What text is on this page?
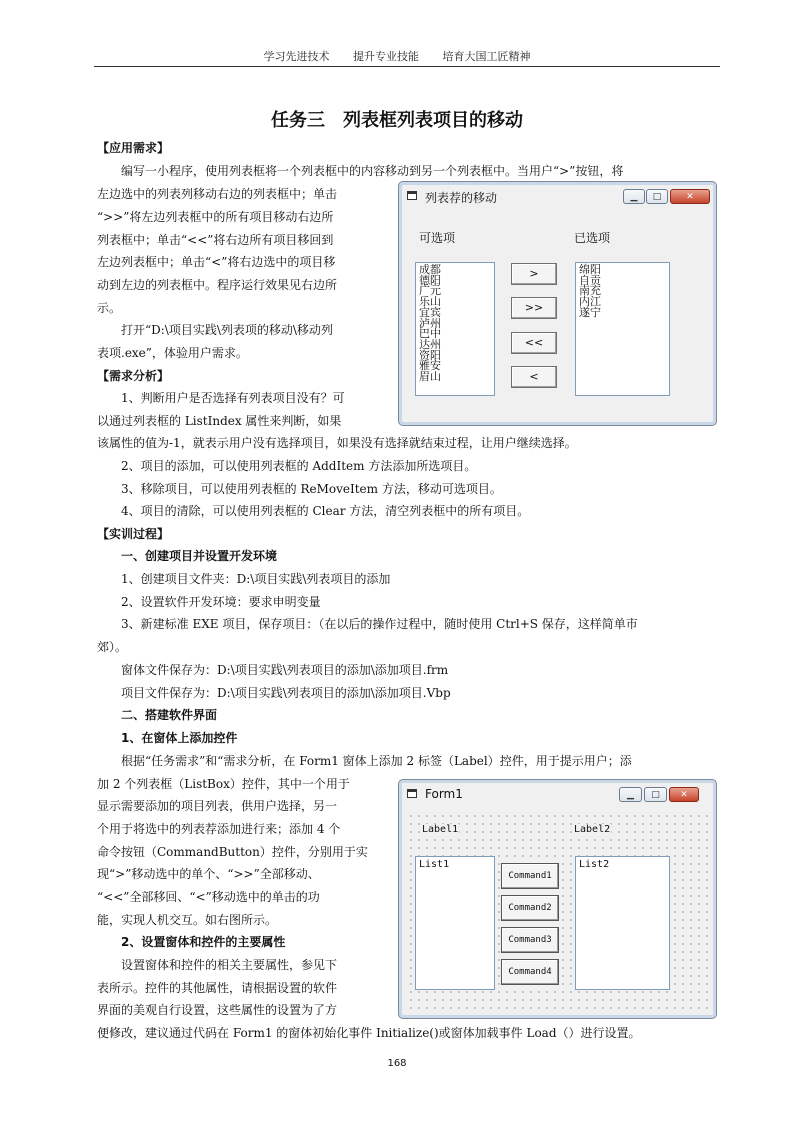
学习先进技术 提升专业技能 培育大国工匠精神
任务三　列表框列表项目的移动
【应用需求】
编写一小程序，使用列表框将一个列表框中的内容移动到另一个列表框中。当用户“>”按钮，将
左边选中的列表列移动右边的列表框中；单击
“>>”将左边列表框中的所有项目移动右边所
列表框中；单击“<<”将右边所有项目移回到
左边列表框中；单击“<”将右边选中的项目移
动到左边的列表框中。程序运行效果见右边所
示。
打开“D:\项目实践\列表项的移动\移动列
表项.exe”，体验用户需求。
【需求分析】
1、判断用户是否选择有列表项目没有？可
以通过列表框的 ListIndex 属性来判断，如果
该属性的值为-1，就表示用户没有选择项目，如果没有选择就结束过程，让用户继续选择。
2、项目的添加，可以使用列表框的 AddItem 方法添加所选项目。
3、移除项目，可以使用列表框的 ReMoveItem 方法，移动可选项目。
4、项目的清除，可以使用列表框的 Clear 方法，清空列表框中的所有项目。
【实训过程】
一、创建项目并设置开发环境
1、创建项目文件夹：D:\项目实践\列表项目的添加
2、设置软件开发环境：要求申明变量
3、新建标准 EXE 项目，保存项目：（在以后的操作过程中，随时使用 Ctrl+S 保存，这样简单市
郊）。
窗体文件保存为：D:\项目实践\列表项目的添加\添加项目.frm
项目文件保存为：D:\项目实践\列表项目的添加\添加项目.Vbp
二、搭建软件界面
1、在窗体上添加控件
根据“任务需求”和“需求分析，在 Form1 窗体上添加 2 标签（Label）控件，用于提示用户；添
加 2 个列表框（ListBox）控件，其中一个用于
显示需要添加的项目列表，供用户选择，另一
个用于将选中的列表荐添加进行来；添加 4 个
命令按钮（CommandButton）控件，分别用于实
现“>”移动选中的单个、“>>”全部移动、
“<<”全部移回、“<”移动选中的单击的功
能，实现人机交互。如右图所示。
2、设置窗体和控件的主要属性
设置窗体和控件的相关主要属性，参见下
表所示。控件的其他属性，请根据设置的软件
界面的美观自行设置，这些属性的设置为了方
便修改，建议通过代码在 Form1 的窗体初始化事件 Initialize()或窗体加载事件 Load（）进行设置。
列表荐的移动	▁	□	✕
可选项	已选项
成都
德阳
广元
乐山
宜宾
泸州
巴中
达州
资阳
雅安
眉山
绵阳
自贡
南充
内江
遂宁
>
>>
<<
<
Form1	▁	□	✕
Label1	Label2
List1	List2
Command1
Command2
Command3
Command4
168
